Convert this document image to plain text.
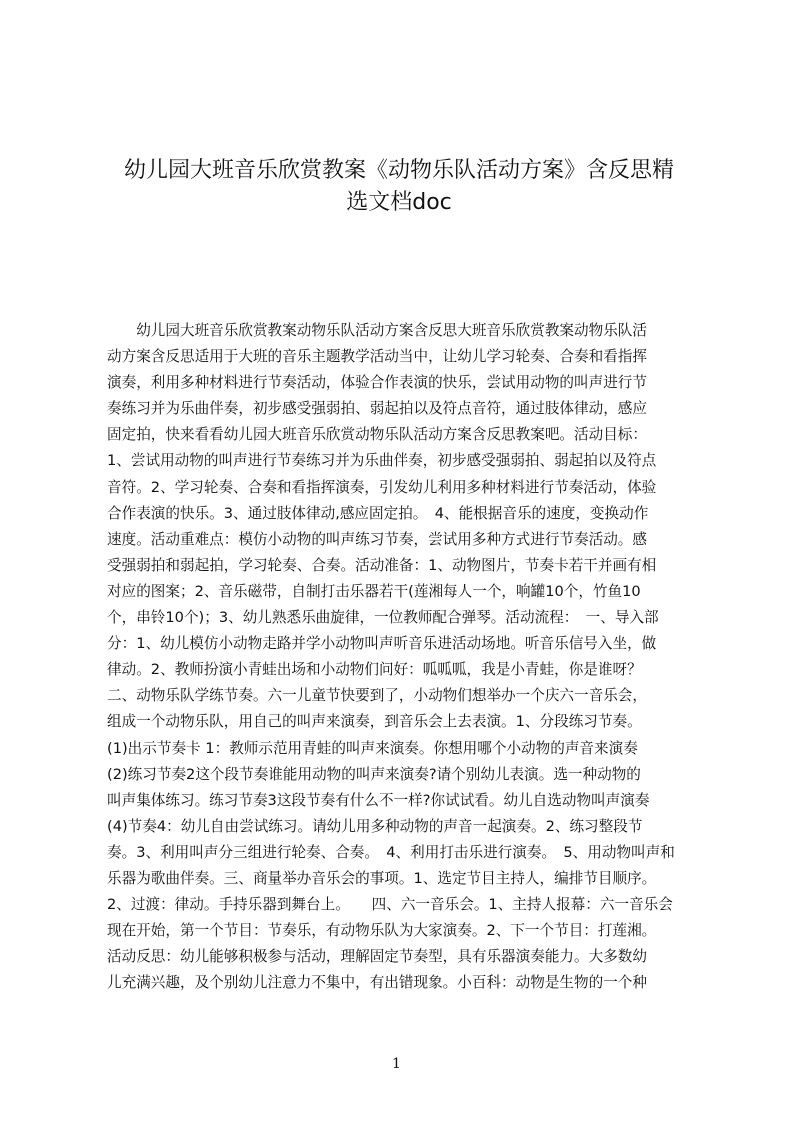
幼儿园大班音乐欣赏教案《动物乐队活动方案》含反思精
选文档doc
　　幼儿园大班音乐欣赏教案动物乐队活动方案含反思大班音乐欣赏教案动物乐队活
动方案含反思适用于大班的音乐主题教学活动当中，让幼儿学习轮奏、合奏和看指挥
演奏，利用多种材料进行节奏活动，体验合作表演的快乐，尝试用动物的叫声进行节
奏练习并为乐曲伴奏，初步感受强弱拍、弱起拍以及符点音符，通过肢体律动，感应
固定拍，快来看看幼儿园大班音乐欣赏动物乐队活动方案含反思教案吧。活动目标：
1、尝试用动物的叫声进行节奏练习并为乐曲伴奏，初步感受强弱拍、弱起拍以及符点
音符。2、学习轮奏、合奏和看指挥演奏，引发幼儿利用多种材料进行节奏活动，体验
合作表演的快乐。3、通过肢体律动,感应固定拍。　4、能根据音乐的速度，变换动作
速度。活动重难点：模仿小动物的叫声练习节奏，尝试用多种方式进行节奏活动。感
受强弱拍和弱起拍，学习轮奏、合奏。活动准备：1、动物图片，节奏卡若干并画有相
对应的图案；2、音乐磁带，自制打击乐器若干(莲湘每人一个，响罐10个，竹鱼10
个，串铃10个)；3、幼儿熟悉乐曲旋律，一位教师配合弹琴。活动流程：　一、导入部
分：1、幼儿模仿小动物走路并学小动物叫声听音乐进活动场地。听音乐信号入坐，做
律动。2、教师扮演小青蛙出场和小动物们问好：呱呱呱，我是小青蛙，你是谁呀？
二、动物乐队学练节奏。六一儿童节快要到了，小动物们想举办一个庆六一音乐会，
组成一个动物乐队，用自己的叫声来演奏，到音乐会上去表演。1、分段练习节奏。
(1)出示节奏卡 1：教师示范用青蛙的叫声来演奏。你想用哪个小动物的声音来演奏
(2)练习节奏2这个段节奏谁能用动物的叫声来演奏?请个别幼儿表演。选一种动物的
叫声集体练习。练习节奏3这段节奏有什么不一样?你试试看。幼儿自选动物叫声演奏
(4)节奏4：幼儿自由尝试练习。请幼儿用多种动物的声音一起演奏。2、练习整段节
奏。3、利用叫声分三组进行轮奏、合奏。　4、利用打击乐进行演奏。　5、用动物叫声和
乐器为歌曲伴奏。三、商量举办音乐会的事项。1、选定节目主持人，编排节目顺序。
2、过渡：律动。手持乐器到舞台上。　　四、六一音乐会。1、主持人报幕：六一音乐会
现在开始，第一个节目：节奏乐，有动物乐队为大家演奏。2、下一个节目：打莲湘。
活动反思：幼儿能够积极参与活动，理解固定节奏型，具有乐器演奏能力。大多数幼
儿充满兴趣，及个别幼儿注意力不集中，有出错现象。小百科：动物是生物的一个种
1
